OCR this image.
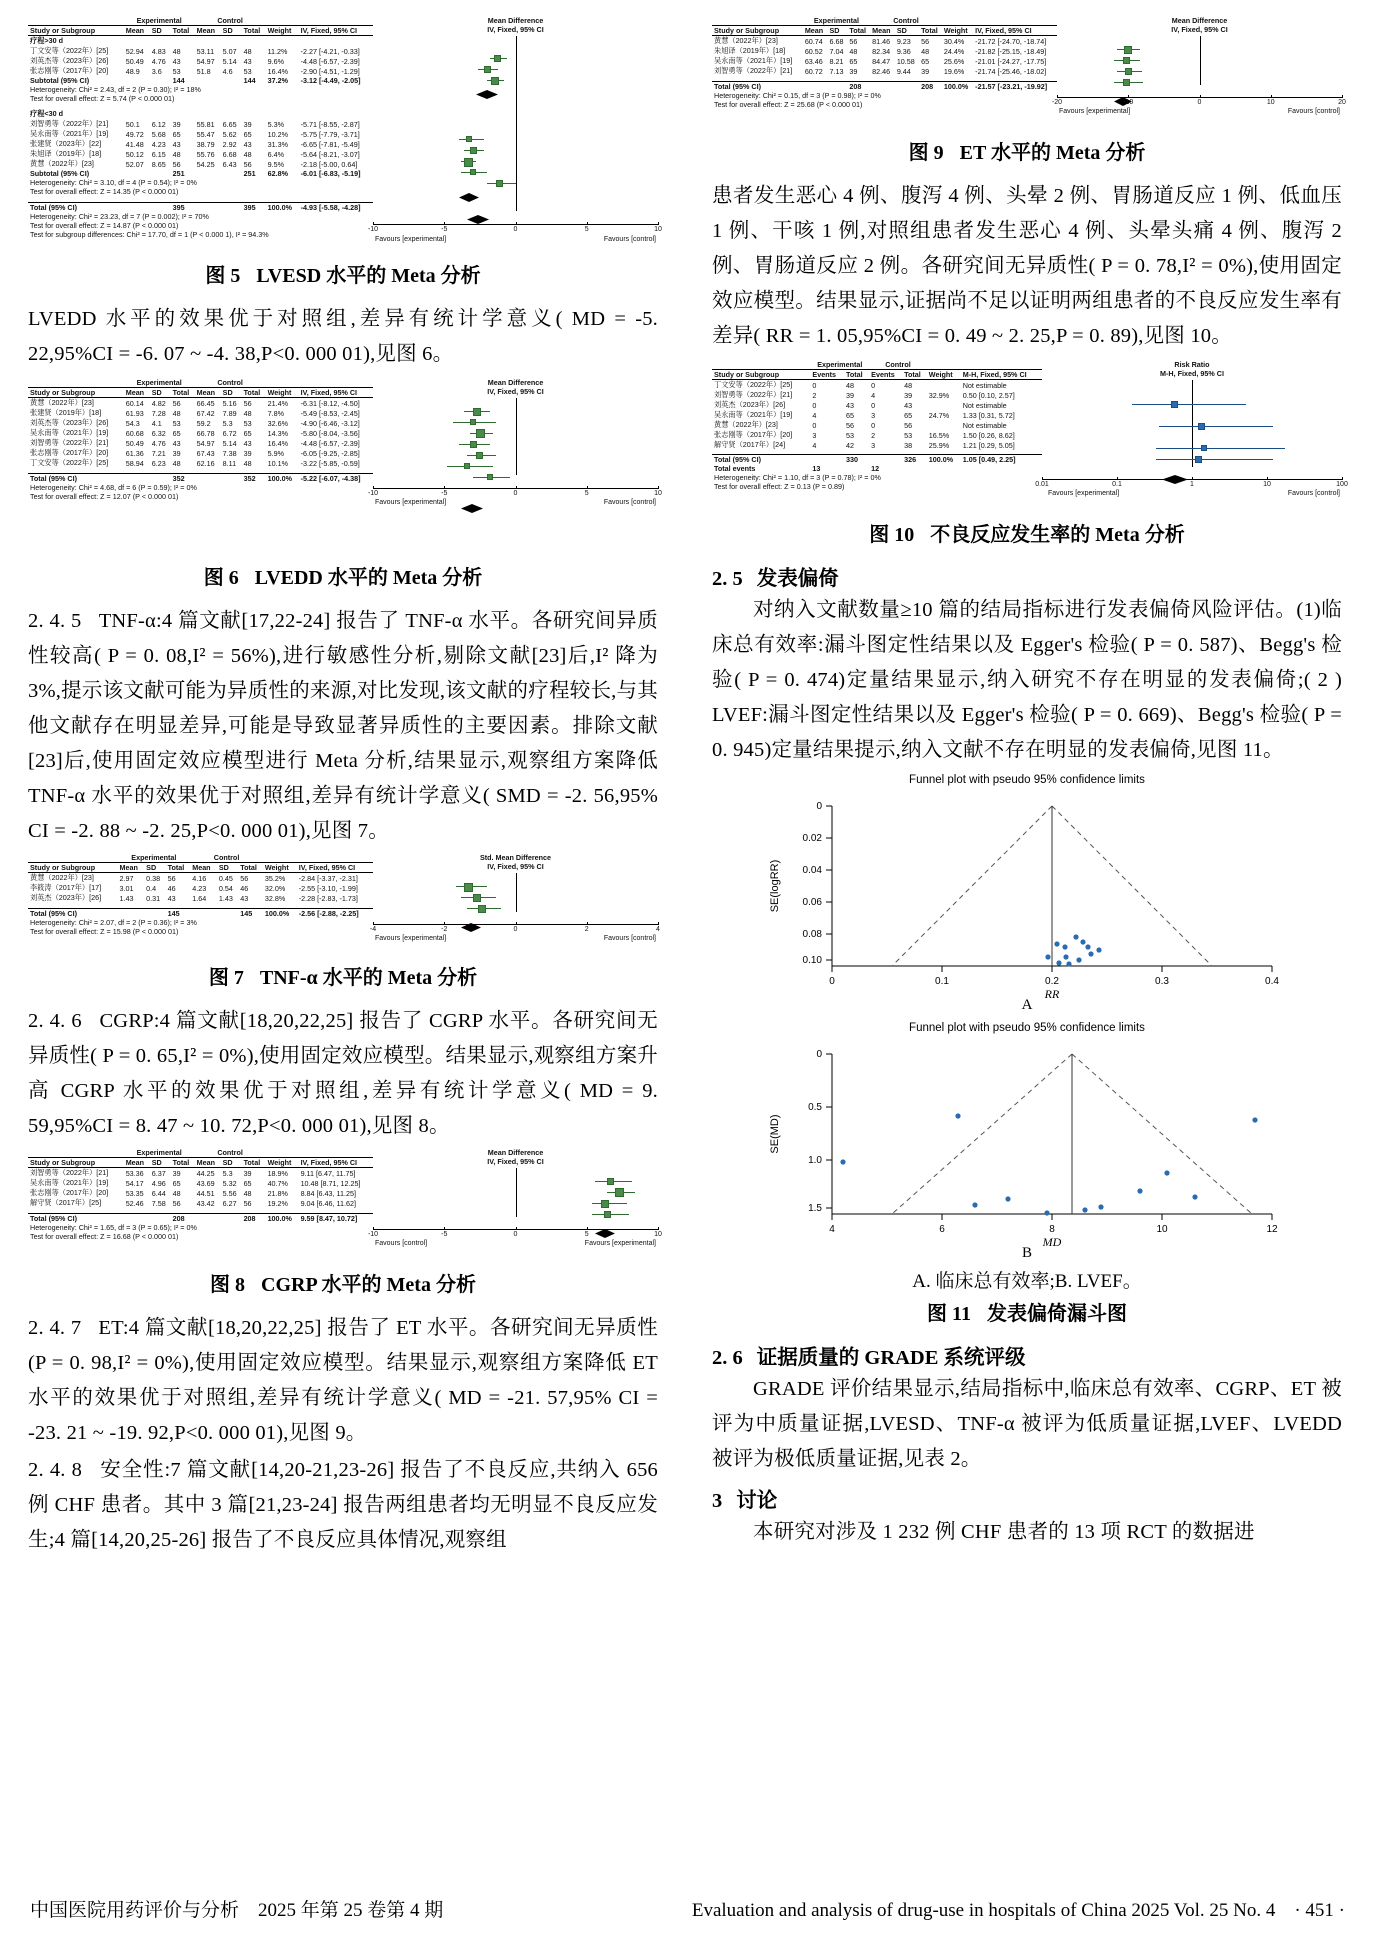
	Experimental			Control				
Study or Subgroup	Mean	SD	Total	Mean	SD	Total	Weight	IV, Fixed, 95% CI
疗程>30 d								
丁文安等（2022年）[25]	52.94	4.83	48	53.11	5.07	48	11.2%	-2.27 [-4.21, -0.33]
刘英杰等（2023年）[26]	50.49	4.76	43	54.97	5.14	43	9.6%	-4.48 [-6.57, -2.39]
张志刚等（2017年）[20]	48.9	3.6	53	51.8	4.6	53	16.4%	-2.90 [-4.51, -1.29]
Subtotal (95% CI)			144			144	37.2%	-3.12 [-4.49, -2.05]
Heterogeneity: Chi² = 2.43, df = 2 (P = 0.30); I² = 18%								
Test for overall effect: Z = 5.74 (P < 0.000 01)								

疗程<30 d								
刘智勇等（2022年）[21]	50.1	6.12	39	55.81	6.65	39	5.3%	-5.71 [-8.55, -2.87]
吴永南等（2021年）[19]	49.72	5.68	65	55.47	5.62	65	10.2%	-5.75 [-7.79, -3.71]
张建贤（2023年）[22]	41.48	4.23	43	38.79	2.92	43	31.3%	-6.65 [-7.81, -5.49]
朱旭译（2019年）[18]	50.12	6.15	48	55.76	6.68	48	6.4%	-5.64 [-8.21, -3.07]
黄慧（2022年）[23]	52.07	8.65	56	54.25	6.43	56	9.5%	-2.18 [-5.00, 0.64]
Subtotal (95% CI)			251			251	62.8%	-6.01 [-6.83, -5.19]
Heterogeneity: Chi² = 3.10, df = 4 (P = 0.54); I² = 0%								
Test for overall effect: Z = 14.35 (P < 0.000 01)								

Total (95% CI)			395			395	100.0%	-4.93 [-5.58, -4.28]
Heterogeneity: Chi² = 23.23, df = 7 (P = 0.002); I² = 70%								
Test for overall effect: Z = 14.87 (P < 0.000 01)								
Test for subgroup differences: Chi² = 17.70, df = 1 (P < 0.000 1), I² = 94.3%								
Mean Difference
IV, Fixed, 95% CI
-10	-5	0	5	10
Favours [experimental]	Favours [control]
图 5 LVESD 水平的 Meta 分析

LVEDD 水平的效果优于对照组,差异有统计学意义( MD = -5. 22,95%CI = -6. 07 ~ -4. 38,P<0. 000 01),见图 6。

	Experimental			Control				
Study or Subgroup	Mean	SD	Total	Mean	SD	Total	Weight	IV, Fixed, 95% CI
黄慧（2022年）[23]	60.14	4.82	56	66.45	5.16	56	21.4%	-6.31 [-8.12, -4.50]
张建贤（2019年）[18]	61.93	7.28	48	67.42	7.89	48	7.8%	-5.49 [-8.53, -2.45]
刘英杰等（2023年）[26]	54.3	4.1	53	59.2	5.3	53	32.6%	-4.90 [-6.46, -3.12]
吴永南等（2021年）[19]	60.68	6.32	65	66.78	6.72	65	14.3%	-5.80 [-8.04, -3.56]
刘智勇等（2022年）[21]	50.49	4.76	43	54.97	5.14	43	16.4%	-4.48 [-6.57, -2.39]
张志刚等（2017年）[20]	61.36	7.21	39	67.43	7.38	39	5.9%	-6.05 [-9.25, -2.85]
丁文安等（2022年）[25]	58.94	6.23	48	62.16	8.11	48	10.1%	-3.22 [-5.85, -0.59]

Total (95% CI)			352			352	100.0%	-5.22 [-6.07, -4.38]
Heterogeneity: Chi² = 4.68, df = 6 (P = 0.59); I² = 0%								
Test for overall effect: Z = 12.07 (P < 0.000 01)								
Mean Difference
IV, Fixed, 95% CI
-10	-5	0	5	10
Favours [experimental]	Favours [control]
图 6 LVEDD 水平的 Meta 分析

2. 4. 5 TNF-α:4 篇文献[17,22-24] 报告了 TNF-α 水平。各研究间异质性较高( P = 0. 08,I² = 56%),进行敏感性分析,剔除文献[23]后,I² 降为 3%,提示该文献可能为异质性的来源,对比发现,该文献的疗程较长,与其他文献存在明显差异,可能是导致显著异质性的主要因素。排除文献[23]后,使用固定效应模型进行 Meta 分析,结果显示,观察组方案降低 TNF-α 水平的效果优于对照组,差异有统计学意义( SMD = -2. 56,95% CI = -2. 88 ~ -2. 25,P<0. 000 01),见图 7。

	Experimental			Control				
Study or Subgroup	Mean	SD	Total	Mean	SD	Total	Weight	IV, Fixed, 95% CI
黄慧（2022年）[23]	2.97	0.38	56	4.16	0.45	56	35.2%	-2.84 [-3.37, -2.31]
李筱涛（2017年）[17]	3.01	0.4	46	4.23	0.54	46	32.0%	-2.55 [-3.10, -1.99]
刘英杰（2023年）[26]	1.43	0.31	43	1.64	1.43	43	32.8%	-2.28 [-2.83, -1.73]

Total (95% CI)			145			145	100.0%	-2.56 [-2.88, -2.25]
Heterogeneity: Chi² = 2.07, df = 2 (P = 0.36); I² = 3%								
Test for overall effect: Z = 15.98 (P < 0.000 01)								
Std. Mean Difference
IV, Fixed, 95% CI
-4	-2	0	2	4
Favours [experimental]	Favours [control]
图 7 TNF-α 水平的 Meta 分析

2. 4. 6 CGRP:4 篇文献[18,20,22,25] 报告了 CGRP 水平。各研究间无异质性( P = 0. 65,I² = 0%),使用固定效应模型。结果显示,观察组方案升高 CGRP 水平的效果优于对照组,差异有统计学意义( MD = 9. 59,95%CI = 8. 47 ~ 10. 72,P<0. 000 01),见图 8。

	Experimental			Control				
Study or Subgroup	Mean	SD	Total	Mean	SD	Total	Weight	IV, Fixed, 95% CI
刘智勇等（2022年）[21]	53.36	6.37	39	44.25	5.3	39	18.9%	9.11 [6.47, 11.75]
吴永南等（2021年）[19]	54.17	4.96	65	43.69	5.32	65	40.7%	10.48 [8.71, 12.25]
张志刚等（2017年）[20]	53.35	6.44	48	44.51	5.56	48	21.8%	8.84 [6.43, 11.25]
解守贤（2017年）[25]	52.46	7.58	56	43.42	6.27	56	19.2%	9.04 [6.46, 11.62]

Total (95% CI)			208			208	100.0%	9.59 [8.47, 10.72]
Heterogeneity: Chi² = 1.65, df = 3 (P = 0.65); I² = 0%								
Test for overall effect: Z = 16.68 (P < 0.000 01)								
Mean Difference
IV, Fixed, 95% CI
-10	-5	0	5	10
Favours [control]	Favours [experimental]
图 8 CGRP 水平的 Meta 分析

2. 4. 7 ET:4 篇文献[18,20,22,25] 报告了 ET 水平。各研究间无异质性(P = 0. 98,I² = 0%),使用固定效应模型。结果显示,观察组方案降低 ET 水平的效果优于对照组,差异有统计学意义( MD = -21. 57,95% CI = -23. 21 ~ -19. 92,P<0. 000 01),见图 9。

2. 4. 8 安全性:7 篇文献[14,20-21,23-26] 报告了不良反应,共纳入 656 例 CHF 患者。其中 3 篇[21,23-24] 报告两组患者均无明显不良反应发生;4 篇[14,20,25-26] 报告了不良反应具体情况,观察组

	Experimental			Control				
Study or Subgroup	Mean	SD	Total	Mean	SD	Total	Weight	IV, Fixed, 95% CI
黄慧（2022年）[23]	60.74	6.68	56	81.46	9.23	56	30.4%	-21.72 [-24.70, -18.74]
朱旭译（2019年）[18]	60.52	7.04	48	82.34	9.36	48	24.4%	-21.82 [-25.15, -18.49]
吴永南等（2021年）[19]	63.46	8.21	65	84.47	10.58	65	25.6%	-21.01 [-24.27, -17.75]
刘智勇等（2022年）[21]	60.72	7.13	39	82.46	9.44	39	19.6%	-21.74 [-25.46, -18.02]

Total (95% CI)			208			208	100.0%	-21.57 [-23.21, -19.92]
Heterogeneity: Chi² = 0.15, df = 3 (P = 0.98); I² = 0%								
Test for overall effect: Z = 25.68 (P < 0.000 01)								
Mean Difference
IV, Fixed, 95% CI
-20	-10	0	10	20
Favours [experimental]	Favours [control]
图 9 ET 水平的 Meta 分析

患者发生恶心 4 例、腹泻 4 例、头晕 2 例、胃肠道反应 1 例、低血压 1 例、干咳 1 例,对照组患者发生恶心 4 例、头晕头痛 4 例、腹泻 2 例、胃肠道反应 2 例。各研究间无异质性( P = 0. 78,I² = 0%),使用固定效应模型。结果显示,证据尚不足以证明两组患者的不良反应发生率有差异( RR = 1. 05,95%CI = 0. 49 ~ 2. 25,P = 0. 89),见图 10。

	Experimental		Control			
Study or Subgroup	Events	Total	Events	Total	Weight	M-H, Fixed, 95% CI
丁文安等（2022年）[25]	0	48	0	48		Not estimable
刘智勇等（2022年）[21]	2	39	4	39	32.9%	0.50 [0.10, 2.57]
刘英杰（2023年）[26]	0	43	0	43		Not estimable
吴永南等（2021年）[19]	4	65	3	65	24.7%	1.33 [0.31, 5.72]
黄慧（2022年）[23]	0	56	0	56		Not estimable
张志刚等（2017年）[20]	3	53	2	53	16.5%	1.50 [0.26, 8.62]
解守贤（2017年）[24]	4	42	3	38	25.9%	1.21 [0.29, 5.05]

Total (95% CI)		330		326	100.0%	1.05 [0.49, 2.25]
Total events	13		12			
Heterogeneity: Chi² = 1.10, df = 3 (P = 0.78); I² = 0%						
Test for overall effect: Z = 0.13 (P = 0.89)						
Risk Ratio
M-H, Fixed, 95% CI
0.01	0.1	1	10	100
Favours [experimental]	Favours [control]
图 10 不良反应发生率的 Meta 分析
2. 5 发表偏倚

对纳入文献数量≥10 篇的结局指标进行发表偏倚风险评估。(1)临床总有效率:漏斗图定性结果以及 Egger's 检验( P = 0. 587)、Begg's 检验( P = 0. 474)定量结果显示,纳入研究不存在明显的发表偏倚;( 2 ) LVEF:漏斗图定性结果以及 Egger's 检验( P = 0. 669)、Begg's 检验( P = 0. 945)定量结果提示,纳入文献不存在明显的发表偏倚,见图 11。

Funnel plot with pseudo 95% confidence limits
0
0.02
0.04
0.06
0.08
0.10
0	0.1	0.2	0.3	0.4
RR
SE(logRR)
A
Funnel plot with pseudo 95% confidence limits
0
0.5
1.0
1.5
4	6	8	10	12
MD
SE(MD)
B
A. 临床总有效率;B. LVEF。
图 11 发表偏倚漏斗图
2. 6 证据质量的 GRADE 系统评级

GRADE 评价结果显示,结局指标中,临床总有效率、CGRP、ET 被评为中质量证据,LVESD、TNF-α 被评为低质量证据,LVEF、LVEDD 被评为极低质量证据,见表 2。

3 讨论

本研究对涉及 1 232 例 CHF 患者的 13 项 RCT 的数据进

中国医院用药评价与分析　2025 年第 25 卷第 4 期	Evaluation and analysis of drug-use in hospitals of China 2025 Vol. 25 No. 4　· 451 ·
